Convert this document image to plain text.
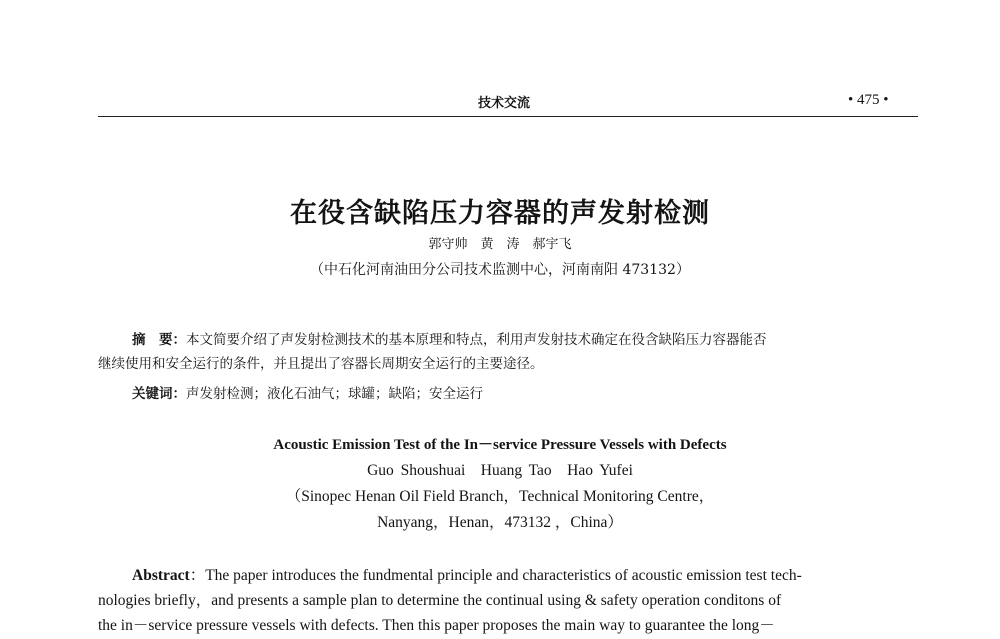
技术交流	• 475 •
在役含缺陷压力容器的声发射检测
郭守帅　黄　涛　郝宇飞
（中石化河南油田分公司技术监测中心，河南南阳 473132）
摘　要：本文简要介绍了声发射检测技术的基本原理和特点，利用声发射技术确定在役含缺陷压力容器能否
继续使用和安全运行的条件，并且提出了容器长周期安全运行的主要途径。
关键词：声发射检测；液化石油气；球罐；缺陷；安全运行
Acoustic Emission Test of the In－service Pressure Vessels with Defects
Guo Shoushuai　Huang Tao　Hao Yufei
（Sinopec Henan Oil Field Branch，Technical Monitoring Centre，
Nanyang，Henan，473132 ，China）
Abstract：The paper introduces the fundmental principle and characteristics of acoustic emission test tech-
nologies briefly，and presents a sample plan to determine the continual using & safety operation conditons of
the in－service pressure vessels with defects. Then this paper proposes the main way to guarantee the long－
